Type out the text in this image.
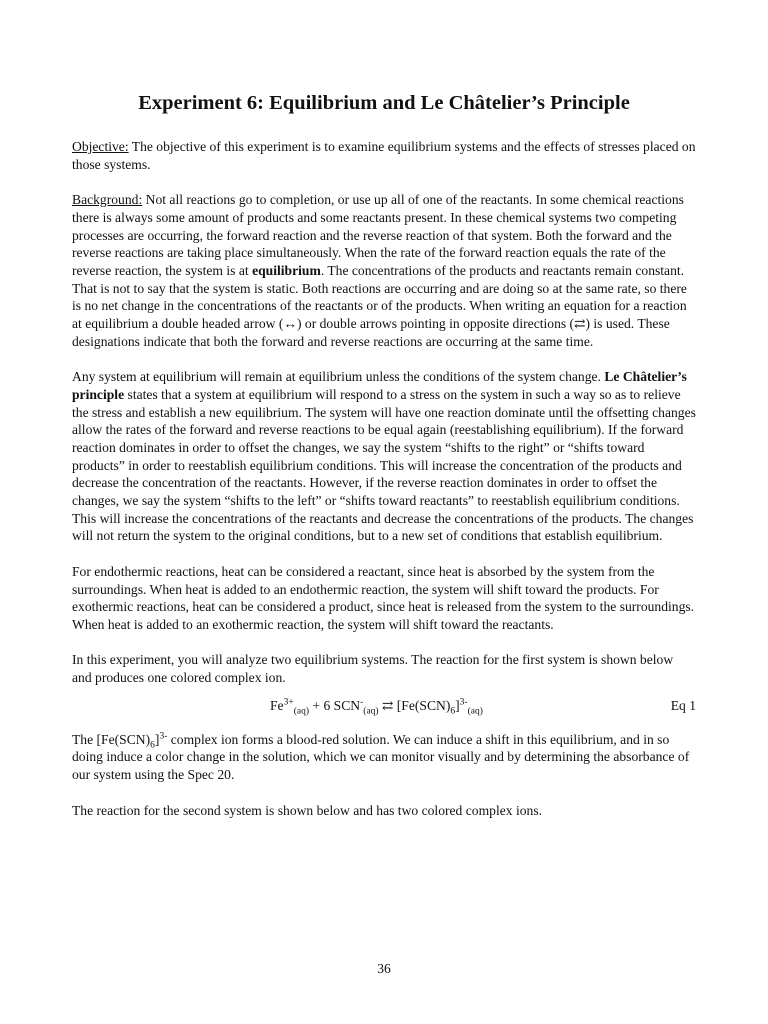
Experiment 6: Equilibrium and Le Châtelier’s Principle

Objective: The objective of this experiment is to examine equilibrium systems and the effects of stresses placed on those systems.

Background: Not all reactions go to completion, or use up all of one of the reactants. In some chemical reactions there is always some amount of products and some reactants present. In these chemical systems two competing processes are occurring, the forward reaction and the reverse reaction of that system. Both the forward and the reverse reactions are taking place simultaneously. When the rate of the forward reaction equals the rate of the reverse reaction, the system is at equilibrium. The concentrations of the products and reactants remain constant. That is not to say that the system is static. Both reactions are occurring and are doing so at the same rate, so there is no net change in the concentrations of the reactants or of the products. When writing an equation for a reaction at equilibrium a double headed arrow (↔) or double arrows pointing in opposite directions (⇄) is used. These designations indicate that both the forward and reverse reactions are occurring at the same time.

Any system at equilibrium will remain at equilibrium unless the conditions of the system change. Le Châtelier’s principle states that a system at equilibrium will respond to a stress on the system in such a way so as to relieve the stress and establish a new equilibrium. The system will have one reaction dominate until the offsetting changes allow the rates of the forward and reverse reactions to be equal again (reestablishing equilibrium). If the forward reaction dominates in order to offset the changes, we say the system “shifts to the right” or “shifts toward products” in order to reestablish equilibrium conditions. This will increase the concentration of the products and decrease the concentration of the reactants. However, if the reverse reaction dominates in order to offset the changes, we say the system “shifts to the left” or “shifts toward reactants” to reestablish equilibrium conditions. This will increase the concentrations of the reactants and decrease the concentrations of the products. The changes will not return the system to the original conditions, but to a new set of conditions that establish equilibrium.

For endothermic reactions, heat can be considered a reactant, since heat is absorbed by the system from the surroundings. When heat is added to an endothermic reaction, the system will shift toward the products. For exothermic reactions, heat can be considered a product, since heat is released from the system to the surroundings. When heat is added to an exothermic reaction, the system will shift toward the reactants.

In this experiment, you will analyze two equilibrium systems. The reaction for the first system is shown below and produces one colored complex ion.

$Fe^{3+}_{(aq)} + 6$ $SCN^-_{(aq)}$ ⇄ $[Fe(SCN)_6]^{3-}_{(aq)}$	Eq 1

The $[Fe(SCN)_6]^{3-}$ complex ion forms a blood-red solution. We can induce a shift in this equilibrium, and in so doing induce a color change in the solution, which we can monitor visually and by determining the absorbance of our system using the Spec 20.

The reaction for the second system is shown below and has two colored complex ions.

36
